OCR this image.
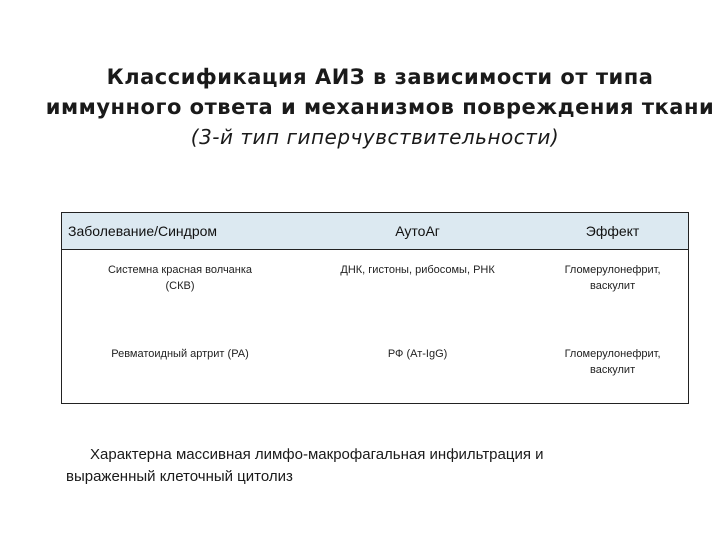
Классификация АИЗ в зависимости от типа иммунного ответа и механизмов повреждения ткани
(3-й тип гиперчувствительности)
Заболевание/Синдром	АутоАг	Эффект
Системна красная волчанка (СКВ)	ДНК, гистоны, рибосомы, РНК	Гломерулонефрит, васкулит
Ревматоидный артрит (РА)	РФ (Ат-IgG)	Гломерулонефрит, васкулит
Характерна массивная лимфо-макрофагальная инфильтрация и
выраженный клеточный цитолиз
